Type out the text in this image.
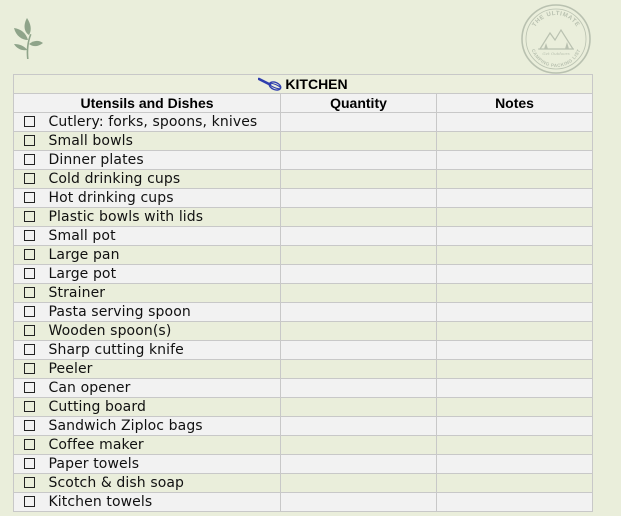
THE ULTIMATE
CAMPING PACKING LIST
Get Outdoors
KITCHEN			
Utensils and Dishes		Quantity	Notes
	Cutlery: forks, spoons, knives		
	Small bowls		
	Dinner plates		
	Cold drinking cups		
	Hot drinking cups		
	Plastic bowls with lids		
	Small pot		
	Large pan		
	Large pot		
	Strainer		
	Pasta serving spoon		
	Wooden spoon(s)		
	Sharp cutting knife		
	Peeler		
	Can opener		
	Cutting board		
	Sandwich Ziploc bags		
	Coffee maker		
	Paper towels		
	Scotch & dish soap		
	Kitchen towels		
